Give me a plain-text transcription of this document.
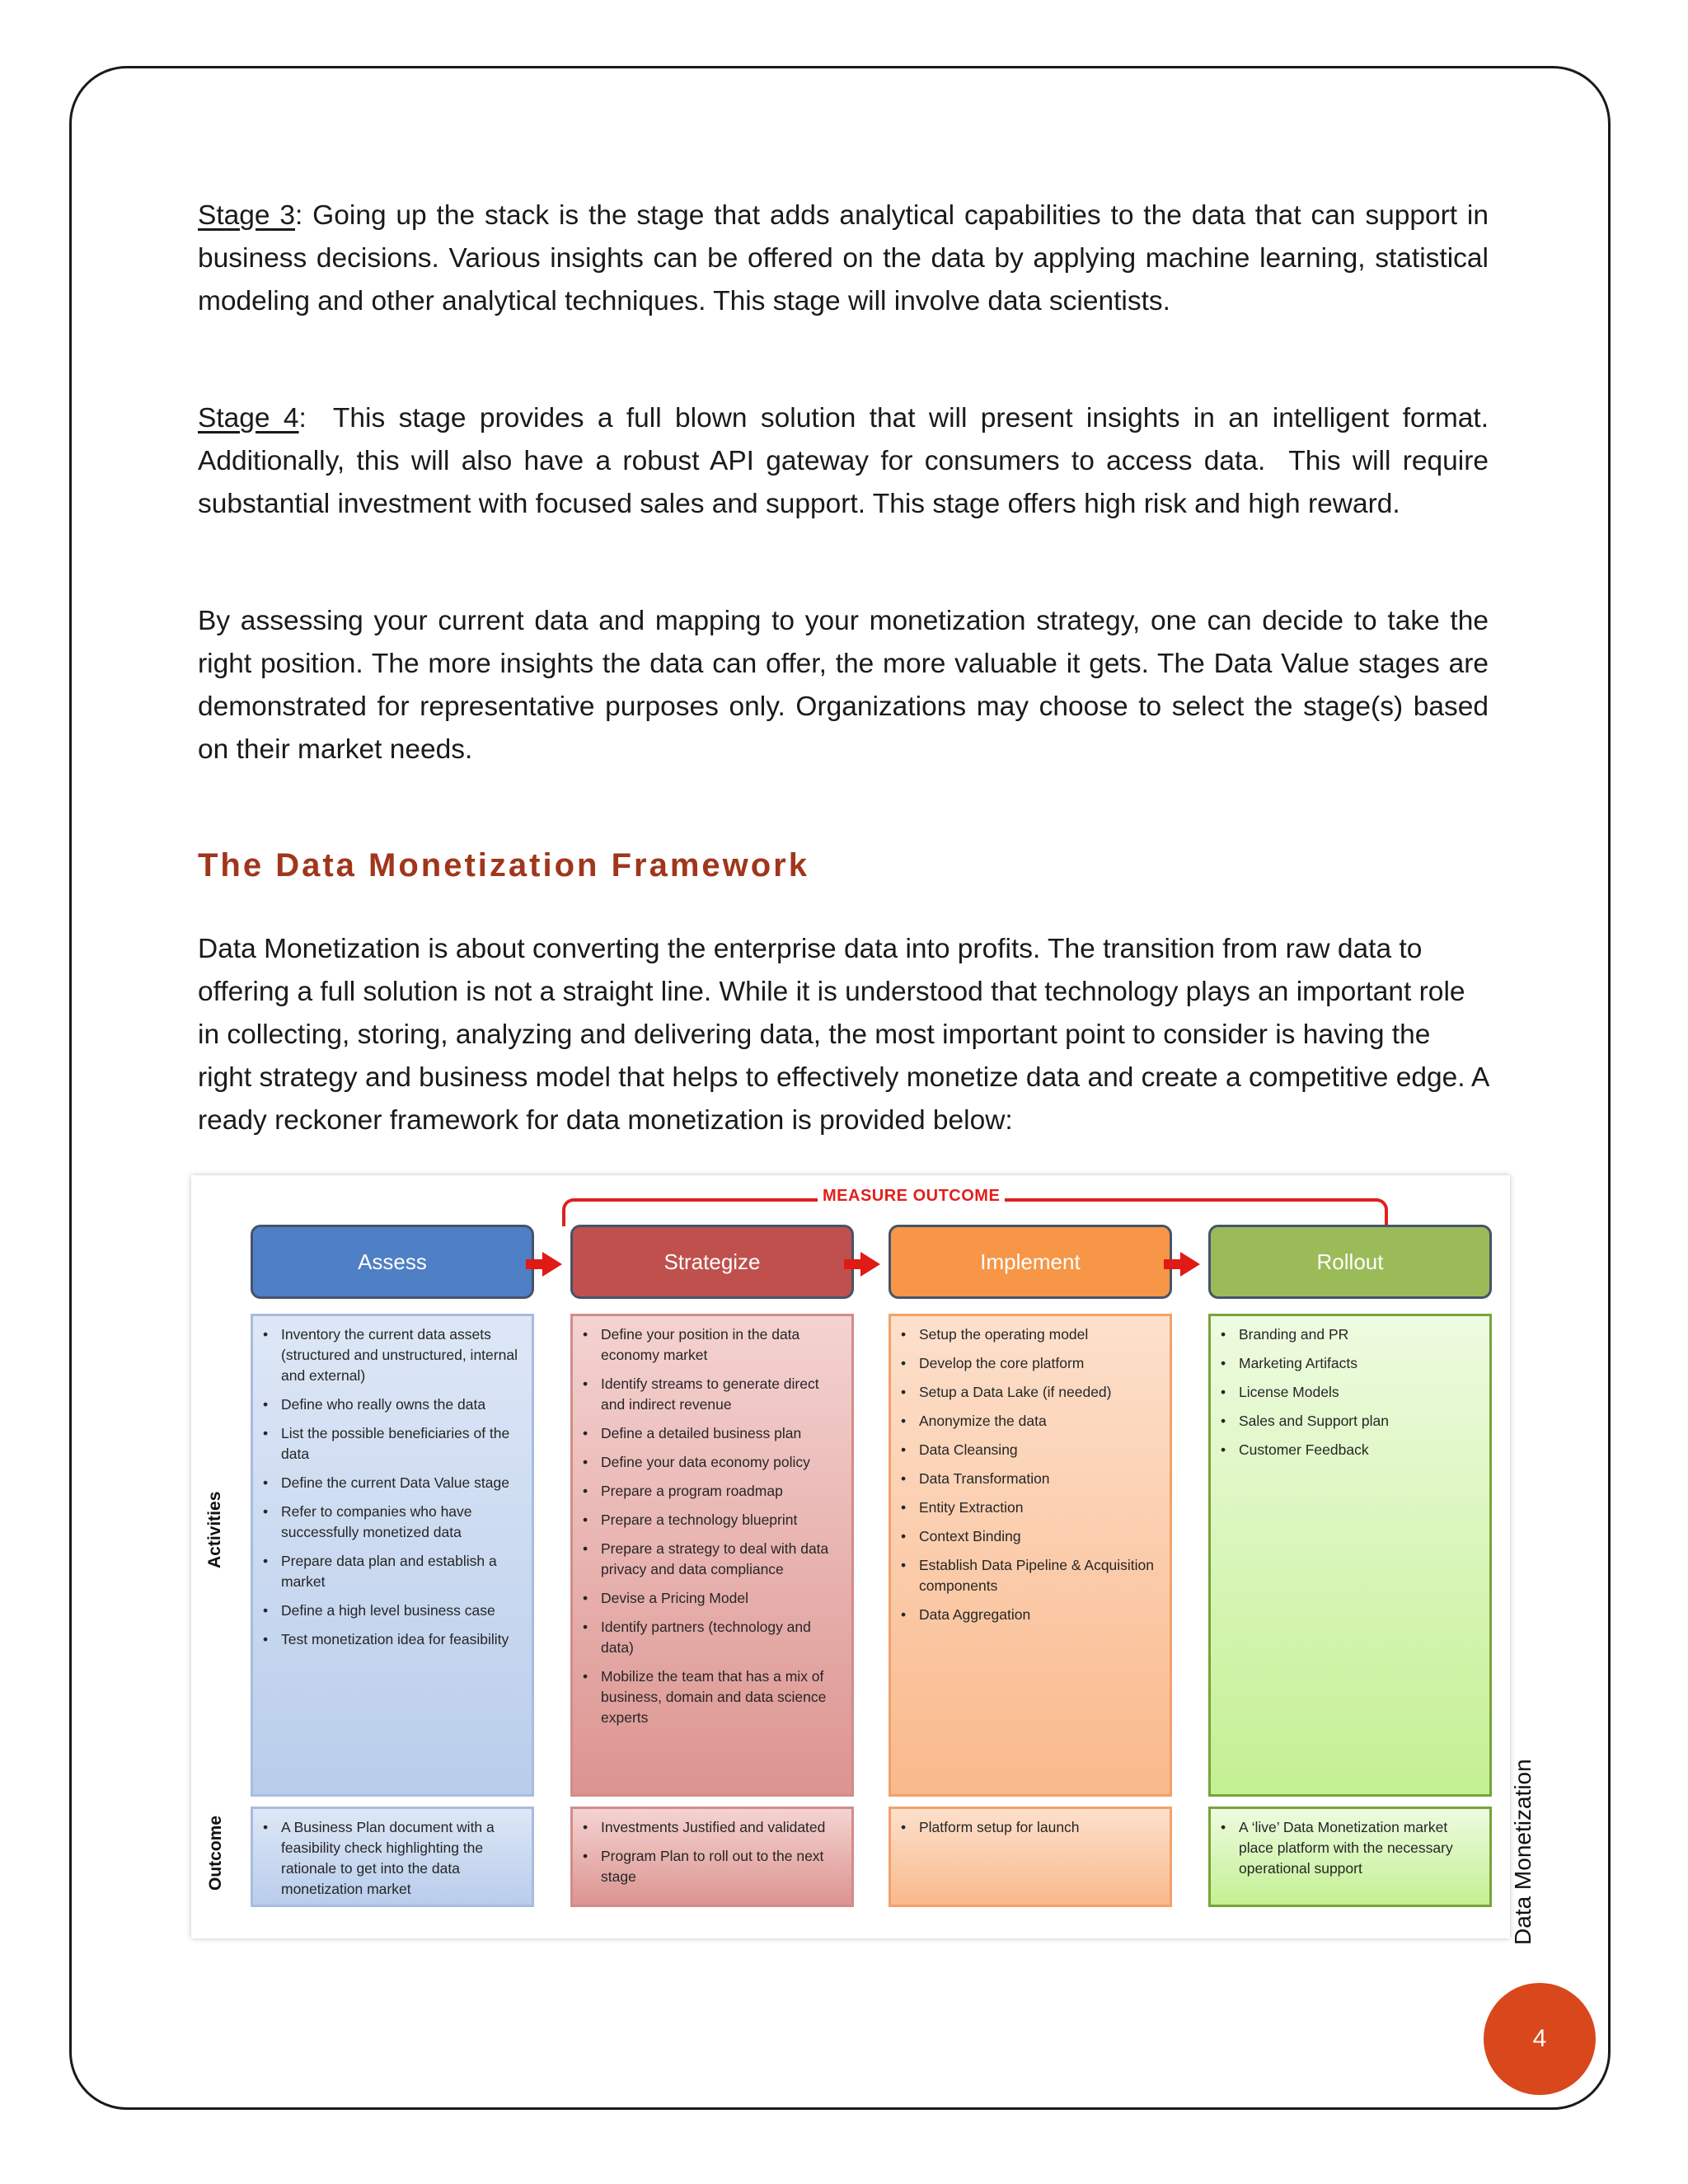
Stage 3: Going up the stack is the stage that adds analytical capabilities to the data that can support in business decisions. Various insights can be offered on the data by applying machine learning, statistical modeling and other analytical techniques. This stage will involve data scientists.

Stage 4:  This stage provides a full blown solution that will present insights in an intelligent format. Additionally, this will also have a robust API gateway for consumers to access data.  This will require substantial investment with focused sales and support. This stage offers high risk and high reward.

By assessing your current data and mapping to your monetization strategy, one can decide to take the right position. The more insights the data can offer, the more valuable it gets. The Data Value stages are demonstrated for representative purposes only. Organizations may choose to select the stage(s) based on their market needs.

The Data Monetization Framework

Data Monetization is about converting the enterprise data into profits. The transition from raw data to offering a full solution is not a straight line. While it is understood that technology plays an important role in collecting, storing, analyzing and delivering data, the most important point to consider is having the right strategy and business model that helps to effectively monetize data and create a competitive edge. A ready reckoner framework for data monetization is provided below:

MEASURE OUTCOME
Activities
Outcome
Assess	Strategize	Implement	Rollout
• Inventory the current data assets (structured and unstructured, internal and external)
• Define who really owns the data
• List the possible beneficiaries of the data
• Define the current Data Value stage
• Refer to companies who have successfully monetized data
• Prepare data plan and establish a market
• Define a high level business case
• Test monetization idea for feasibility
• Define your position in the data economy market
• Identify streams to generate direct and indirect revenue
• Define a detailed business plan
• Define your data economy policy
• Prepare a program roadmap
• Prepare a technology blueprint
• Prepare a strategy to deal with data privacy and data compliance
• Devise a Pricing Model
• Identify partners (technology and data)
• Mobilize the team that has a mix of business, domain and data science experts
• Setup the operating model
• Develop the core platform
• Setup a Data Lake (if needed)
• Anonymize the data
• Data Cleansing
• Data Transformation
• Entity Extraction
• Context Binding
• Establish Data Pipeline & Acquisition components
• Data Aggregation
• Branding and PR
• Marketing Artifacts
• License Models
• Sales and Support plan
• Customer Feedback
• A Business Plan document with a feasibility check highlighting the rationale to get into the data monetization market
• Investments Justified and validated
• Program Plan to roll out to the next stage
• Platform setup for launch
•	A ‘live’ Data Monetization market place platform with the necessary operational support	Data Monetization
4
